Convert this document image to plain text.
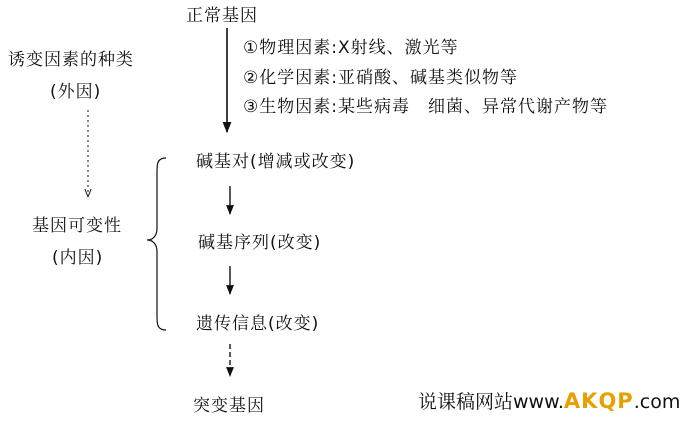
正常基因
诱变因素的种类
(外因)
①物理因素:X射线、激光等
②化学因素:亚硝酸、碱基类似物等
③生物因素:某些病毒　细菌、异常代谢产物等
碱基对(增减或改变)
碱基序列(改变)
遗传信息(改变)
基因可变性
(内因)
突变基因	说课稿网站www.AKQP.com
